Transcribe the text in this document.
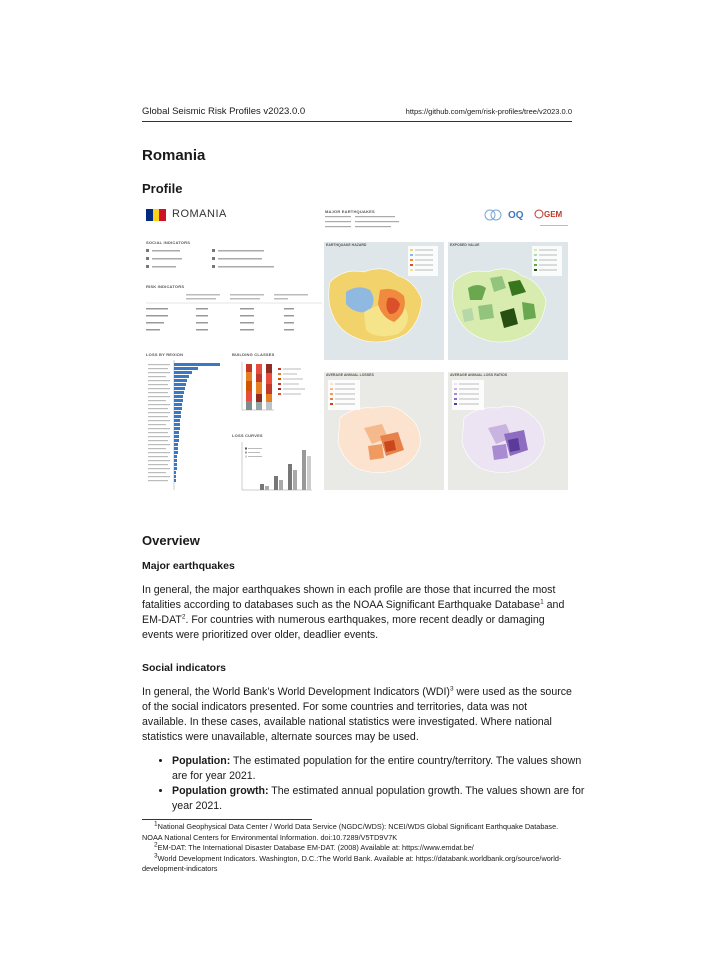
Global Seismic Risk Profiles v2023.0.0	https://github.com/gem/risk-profiles/tree/v2023.0.0
Romania
Profile
ROMANIA
SOCIAL INDICATORS
RISK INDICATORS
LOSS BY REGION	BUILDING CLASSES
LOSS CURVES
MAJOR EARTHQUAKES	OQ	GEM
EARTHQUAKE HAZARD	EXPOSED VALUE
AVERAGE ANNUAL LOSSES	AVERAGE ANNUAL LOSS RATIOS
Overview
Major earthquakes

In general, the major earthquakes shown in each profile are those that incurred the most fatalities according to databases such as the NOAA Significant Earthquake Database$^1$ and EM-DAT$^2$. For countries with numerous earthquakes, more recent deadly or damaging events were prioritized over older, deadlier events.

Social indicators

In general, the World Bank’s World Development Indicators (WDI)$^3$ were used as the source of the social indicators presented. For some countries and territories, data was not available. In these cases, available national statistics were investigated. Where national statistics were unavailable, alternate sources may be used.

• Population: The estimated population for the entire country/territory. The values shown are for year 2021.
• Population growth: The estimated annual population growth. The values shown are for year 2021.

$^1$National Geophysical Data Center / World Data Service (NGDC/WDS): NCEI/WDS Global Significant Earthquake Database. NOAA National Centers for Environmental Information. doi:10.7289/V5TD9V7K

$^2$EM-DAT: The International Disaster Database EM-DAT. (2008) Available at: https://www.emdat.be/

$^3$World Development Indicators. Washington, D.C.:The World Bank. Available at: https://databank.worldbank.org/source/world-development-indicators
